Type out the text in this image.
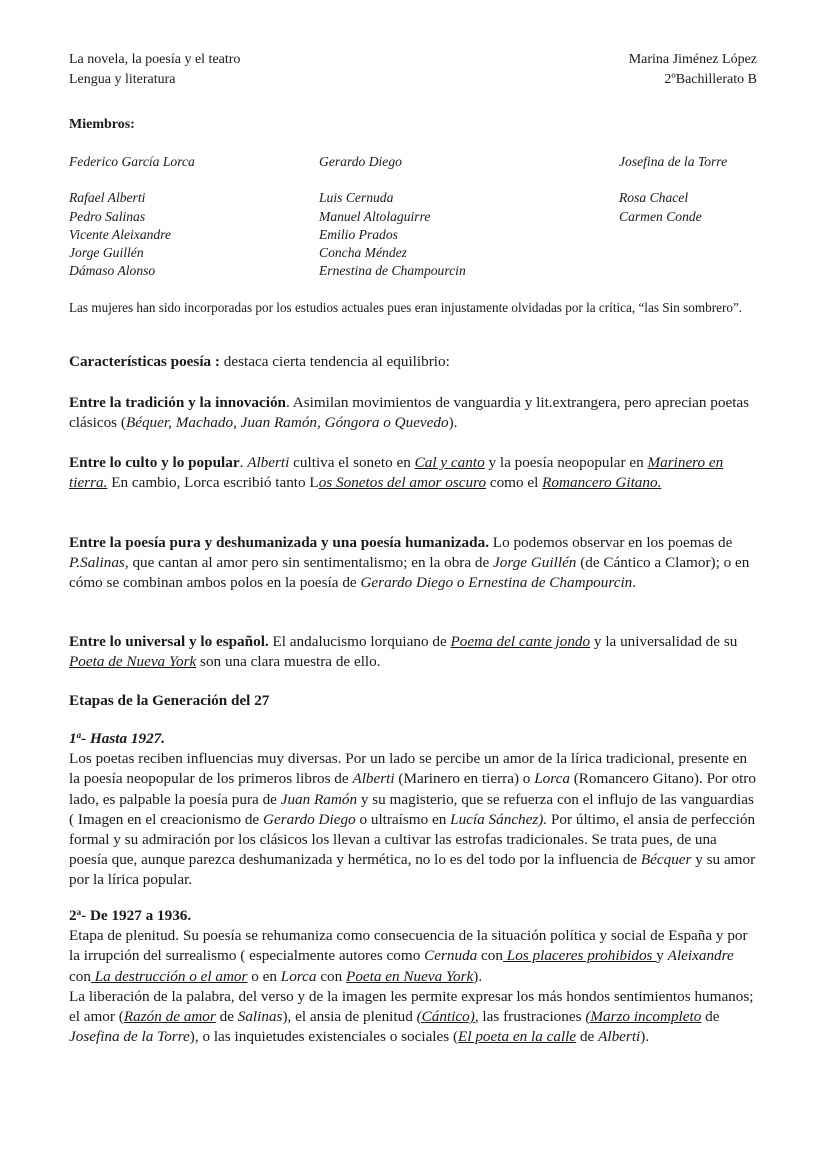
La novela, la poesía y el teatro
Lengua y literatura
Marina Jiménez López
2ºBachillerato B
Miembros:
Federico García Lorca
Rafael Alberti
Pedro Salinas
Vicente Aleixandre
Jorge Guillén
Dámaso Alonso
Gerardo Diego
Luis Cernuda
Manuel Altolaguirre
Emilio Prados
Concha Méndez
Ernestina de Champourcin
Josefina de la Torre
Rosa Chacel
Carmen Conde
Las mujeres han sido incorporadas por los estudios actuales pues eran injustamente olvidadas por la crítica, “las Sin sombrero”.
Características poesía : destaca cierta tendencia al equilibrio:
Entre la tradición y la innovación. Asimilan movimientos de vanguardia y lit.extrangera, pero aprecian poetas clásicos (Béquer, Machado, Juan Ramón, Góngora o Quevedo).
Entre lo culto y lo popular. Alberti cultiva el soneto en Cal y canto y la poesía neopopular en Marinero en tierra. En cambio, Lorca escribió tanto Los Sonetos del amor oscuro como el Romancero Gitano.
Entre la poesía pura y deshumanizada y una poesía humanizada. Lo podemos observar en los poemas de P.Salinas, que cantan al amor pero sin sentimentalismo; en la obra de Jorge Guillén (de Cántico a Clamor); o en cómo se combinan ambos polos en la poesía de Gerardo Diego o Ernestina de Champourcin.
Entre lo universal y lo español. El andalucismo lorquiano de Poema del cante jondo y la universalidad de su Poeta de Nueva York son una clara muestra de ello.
Etapas de la Generación del 27
1$^a$- Hasta 1927.
Los poetas reciben influencias muy diversas. Por un lado se percibe un amor de la lírica tradicional, presente en la poesía neopopular de los primeros libros de Alberti (Marinero en tierra) o Lorca (Romancero Gitano). Por otro lado, es palpable la poesía pura de Juan Ramón y su magisterio, que se refuerza con el influjo de las vanguardias ( Imagen en el creacionismo de Gerardo Diego o ultraísmo en Lucía Sánchez). Por último, el ansia de perfección formal y su admiración por los clásicos los llevan a cultivar las estrofas tradicionales. Se trata pues, de una poesía que, aunque parezca deshumanizada y hermética, no lo es del todo por la influencia de Bécquer y su amor por la lírica popular.
2$^a$- De 1927 a 1936.
Etapa de plenitud. Su poesía se rehumaniza como consecuencia de la situación política y social de España y por la irrupción del surrealismo ( especialmente autores como Cernuda con Los placeres prohibidos y Aleixandre con La destrucción o el amor o en Lorca con Poeta en Nueva York).
La liberación de la palabra, del verso y de la imagen les permite expresar los más hondos sentimientos humanos; el amor (Razón de amor de Salinas), el ansia de plenitud (Cántico), las frustraciones (Marzo incompleto de Josefina de la Torre), o las inquietudes existenciales o sociales (El poeta en la calle de Alberti).
